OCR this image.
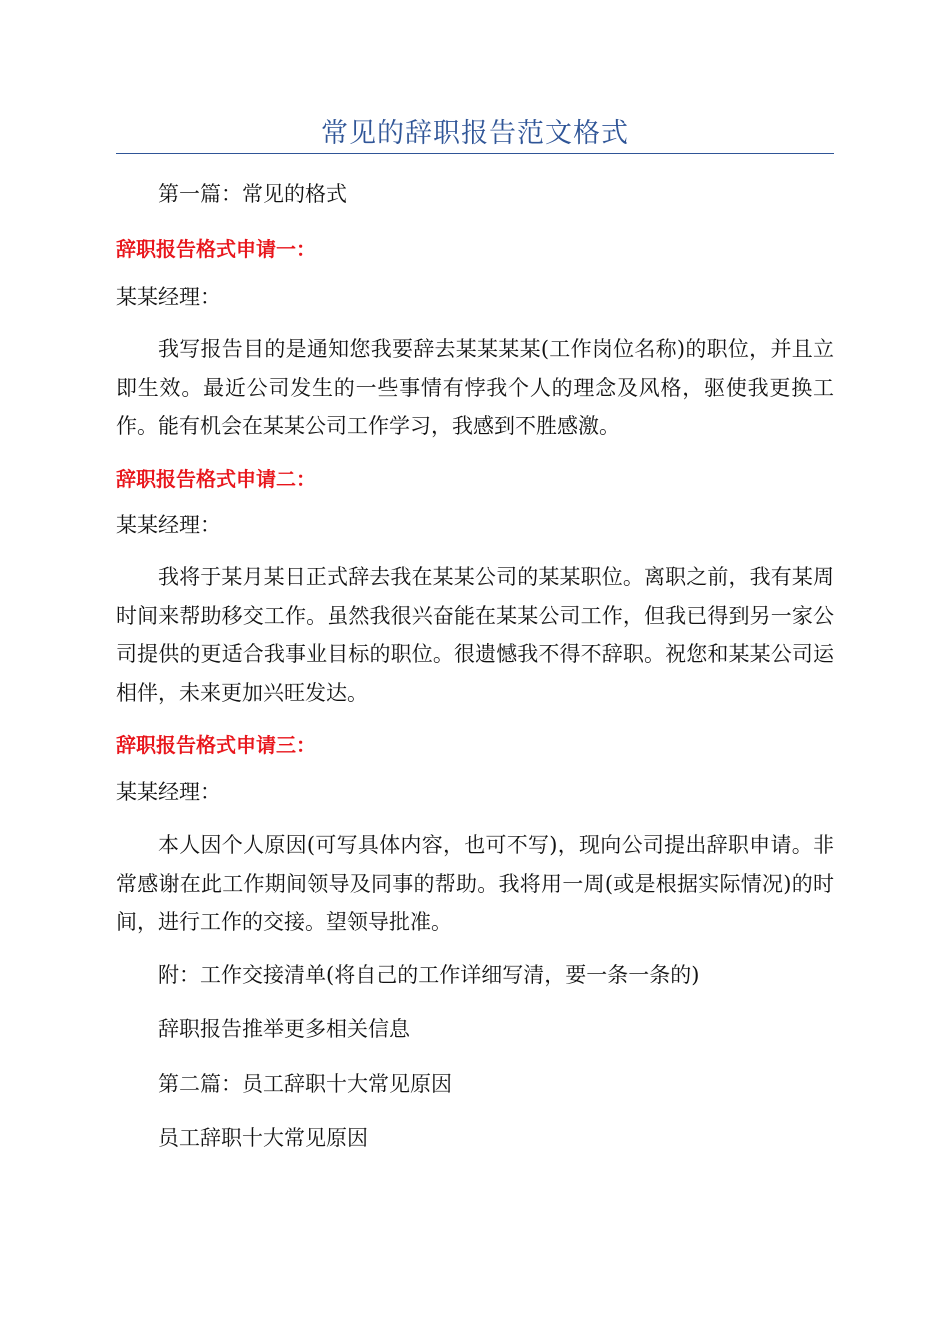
常见的辞职报告范文格式

第一篇：常见的格式

辞职报告格式申请一：

某某经理：

我写报告目的是通知您我要辞去某某某某(工作岗位名称)的职位，并且立即生效。最近公司发生的一些事情有悖我个人的理念及风格，驱使我更换工作。能有机会在某某公司工作学习，我感到不胜感激。

辞职报告格式申请二：

某某经理：

我将于某月某日正式辞去我在某某公司的某某职位。离职之前，我有某周时间来帮助移交工作。虽然我很兴奋能在某某公司工作，但我已得到另一家公司提供的更适合我事业目标的职位。很遗憾我不得不辞职。祝您和某某公司运相伴，未来更加兴旺发达。

辞职报告格式申请三：

某某经理：

本人因个人原因(可写具体内容，也可不写)，现向公司提出辞职申请。非常感谢在此工作期间领导及同事的帮助。我将用一周(或是根据实际情况)的时间，进行工作的交接。望领导批准。

附：工作交接清单(将自己的工作详细写清，要一条一条的)

辞职报告推举更多相关信息

第二篇：员工辞职十大常见原因

员工辞职十大常见原因
